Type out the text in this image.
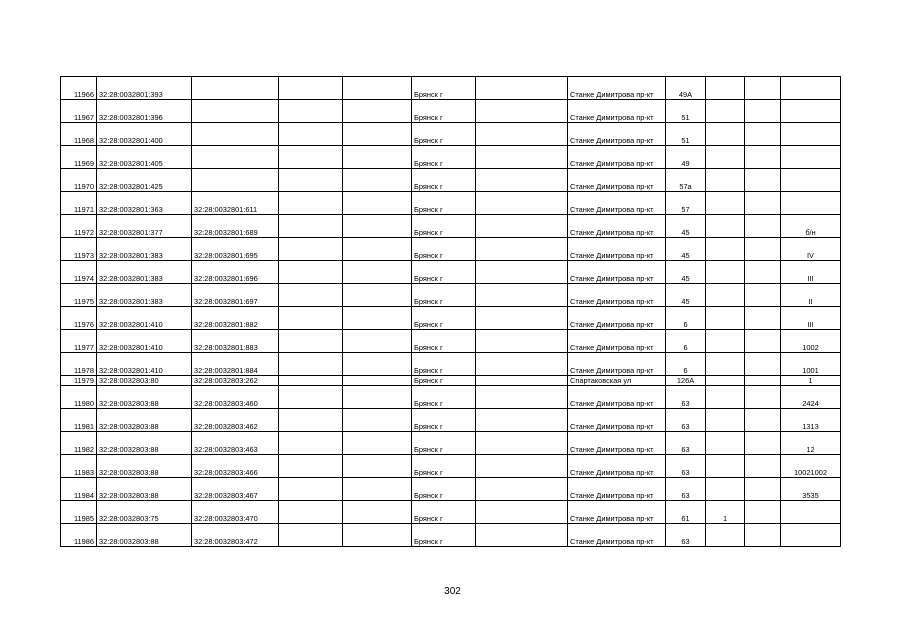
11966	32:28:0032801:393				Брянск г		Станке Димитрова пр-кт	49А			
11967	32:28:0032801:396				Брянск г		Станке Димитрова пр-кт	51			
11968	32:28:0032801:400				Брянск г		Станке Димитрова пр-кт	51			
11969	32:28:0032801:405				Брянск г		Станке Димитрова пр-кт	49			
11970	32:28:0032801:425				Брянск г		Станке Димитрова пр-кт	57а			
11971	32:28:0032801:363	32:28:0032801:611			Брянск г		Станке Димитрова пр-кт	57			
11972	32:28:0032801:377	32:28:0032801:689			Брянск г		Станке Димитрова пр-кт	45			б/н
11973	32:28:0032801:383	32:28:0032801:695			Брянск г		Станке Димитрова пр-кт	45			IV
11974	32:28:0032801:383	32:28:0032801:696			Брянск г		Станке Димитрова пр-кт	45			III
11975	32:28:0032801:383	32:28:0032801:697			Брянск г		Станке Димитрова пр-кт	45			II
11976	32:28:0032801:410	32:28:0032801:882			Брянск г		Станке Димитрова пр-кт	6			III
11977	32:28:0032801:410	32:28:0032801:883			Брянск г		Станке Димитрова пр-кт	6			1002
11978	32:28:0032801:410	32:28:0032801:884			Брянск г		Станке Димитрова пр-кт	6			1001
11979	32:28:0032803:80	32:28:0032803:262			Брянск г		Спартаковская ул	126А			1
11980	32:28:0032803:88	32:28:0032803:460			Брянск г		Станке Димитрова пр-кт	63			2424
11981	32:28:0032803:88	32:28:0032803:462			Брянск г		Станке Димитрова пр-кт	63			1313
11982	32:28:0032803:88	32:28:0032803:463			Брянск г		Станке Димитрова пр-кт	63			12
11983	32:28:0032803:88	32:28:0032803:466			Брянск г		Станке Димитрова пр-кт	63			10021002
11984	32:28:0032803:88	32:28:0032803:467			Брянск г		Станке Димитрова пр-кт	63			3535
11985	32:28:0032803:75	32:28:0032803:470			Брянск г		Станке Димитрова пр-кт	61	1		
11986	32:28:0032803:88	32:28:0032803:472			Брянск г		Станке Димитрова пр-кт	63			
302
